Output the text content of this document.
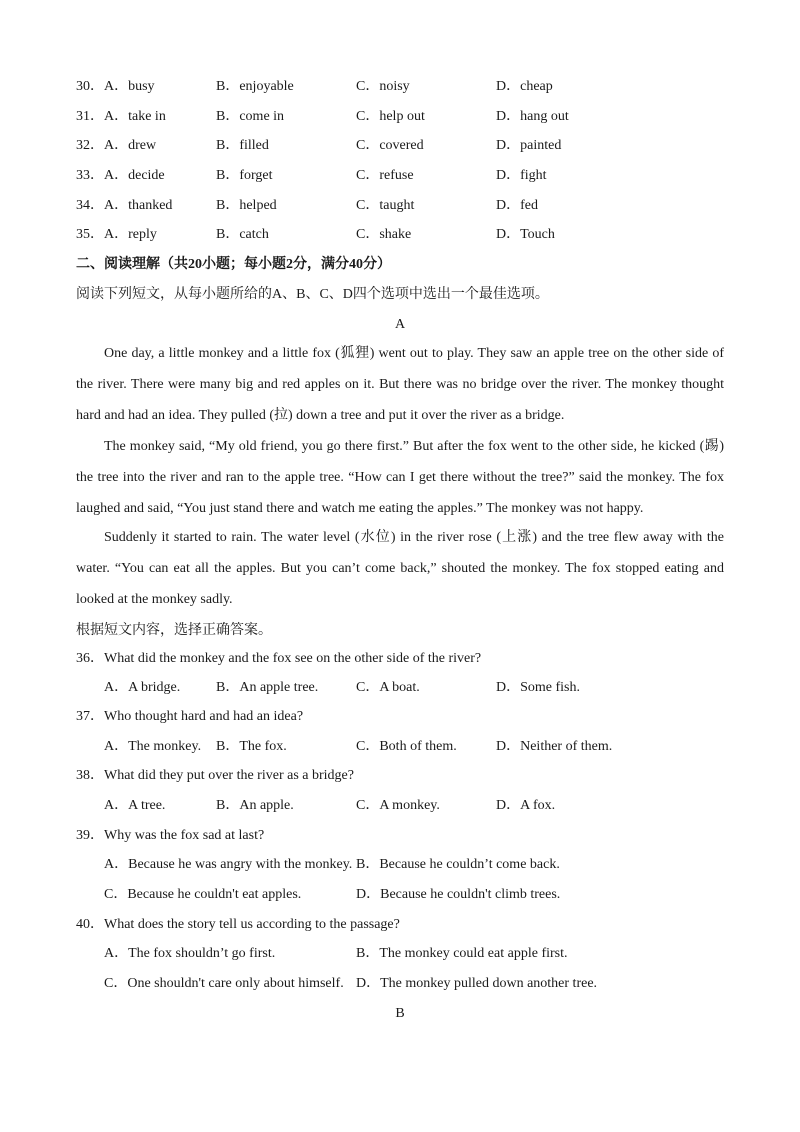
30． A．busy	B．enjoyable	C．noisy	D．cheap
31． A．take in	B．come in	C．help out	D．hang out
32． A．drew	B．filled	C．covered	D．painted
33． A．decide	B．forget	C．refuse	D．fight
34． A．thanked	B．helped	C．taught	D．fed
35． A．reply	B．catch	C．shake	D．Touch
二、阅读理解（共20小题；每小题2分，满分40分）
阅读下列短文，从每小题所给的A、B、C、D四个选项中选出一个最佳选项。
A

One day, a little monkey and a little fox (狐狸) went out to play. They saw an apple tree on the other side of the river. There were many big and red apples on it. But there was no bridge over the river. The monkey thought hard and had an idea. They pulled (拉) down a tree and put it over the river as a bridge.

The monkey said, “My old friend, you go there first.” But after the fox went to the other side, he kicked (踢) the tree into the river and ran to the apple tree. “How can I get there without the tree?” said the monkey. The fox laughed and said, “You just stand there and watch me eating the apples.” The monkey was not happy.

Suddenly it started to rain. The water level (水位) in the river rose (上涨) and the tree flew away with the water. “You can eat all the apples. But you can’t come back,” shouted the monkey. The fox stopped eating and looked at the monkey sadly.

根据短文内容，选择正确答案。
36．What did the monkey and the fox see on the other side of the river?
A．A bridge.	B．An apple tree.	C．A boat.	D．Some fish.
37．Who thought hard and had an idea?
A．The monkey. B．The fox.	C．Both of them.	D．Neither of them.
38．What did they put over the river as a bridge?
A．A tree.	B．An apple.	C．A monkey.	D．A fox.
39．Why was the fox sad at last?
A．Because he was angry with the monkey. B．Because he couldn’t come back.
C．Because he couldn't eat apples.	D．Because he couldn't climb trees.
40．What does the story tell us according to the passage?
A．The fox shouldn’t go first.	B．The monkey could eat apple first.
C．One shouldn't care only about himself. D．The monkey pulled down another tree.
B
